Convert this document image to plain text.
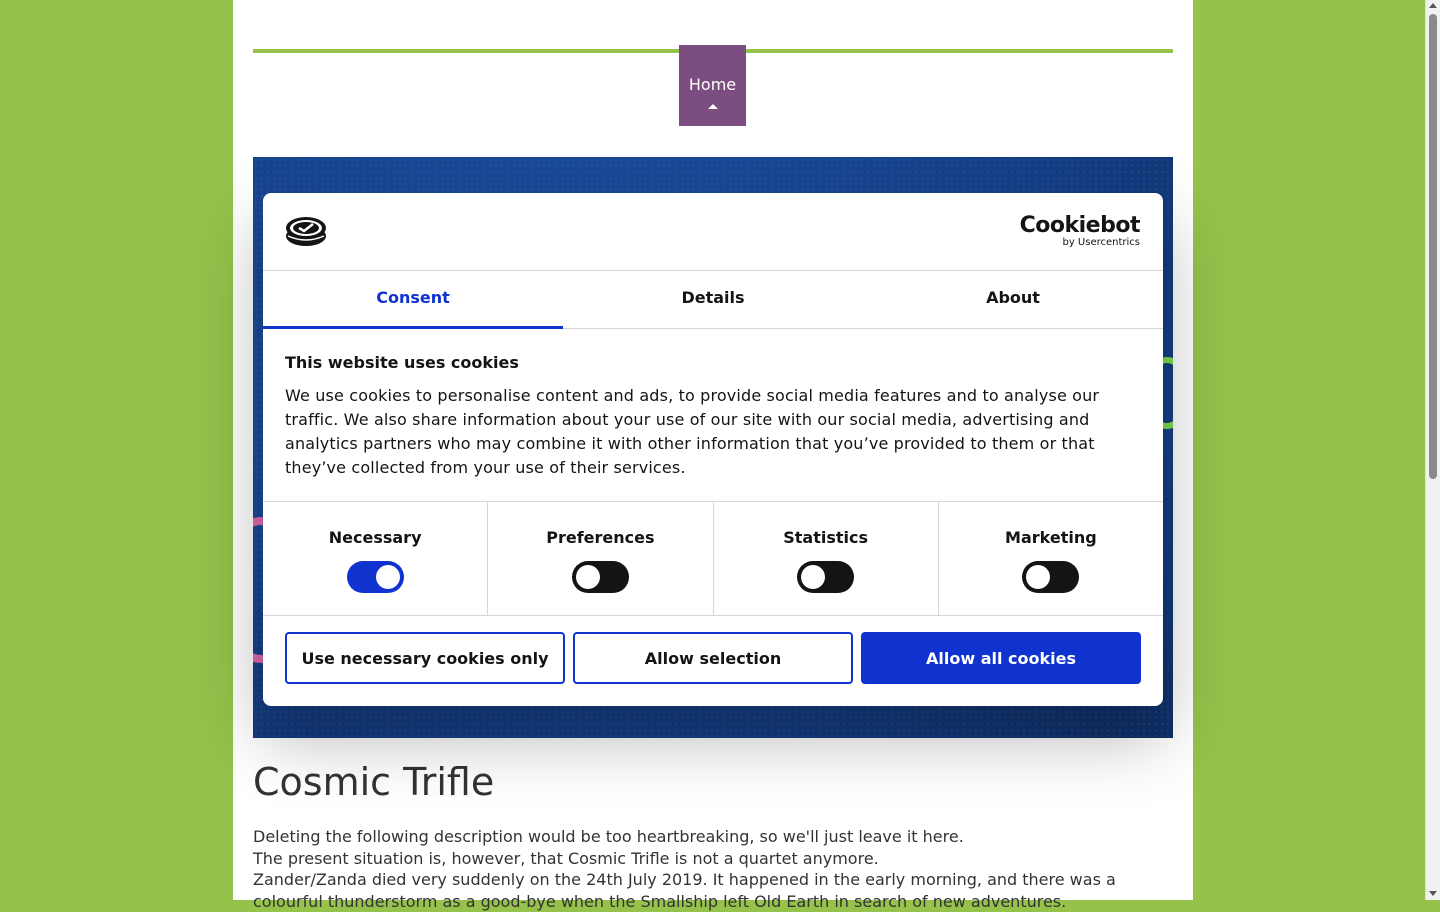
Home
Cosmic Trifle

Deleting the following description would be too heartbreaking, so we'll just leave it here.

The present situation is, however, that Cosmic Trifle is not a quartet anymore.

Zander/Zanda died very suddenly on the 24th July 2019. It happened in the early morning, and there was a

colourful thunderstorm as a good-bye when the Smallship left Old Earth in search of new adventures.

Cookiebot
by Usercentrics
Consent	Details	About
This website uses cookies

We use cookies to personalise content and ads, to provide social media features and to analyse our traffic. We also share information about your use of our site with our social media, advertising and analytics partners who may combine it with other information that you’ve provided to them or that they’ve collected from your use of their services.

Necessary	Preferences	Statistics	Marketing
Use necessary cookies only	Allow selection	Allow all cookies
